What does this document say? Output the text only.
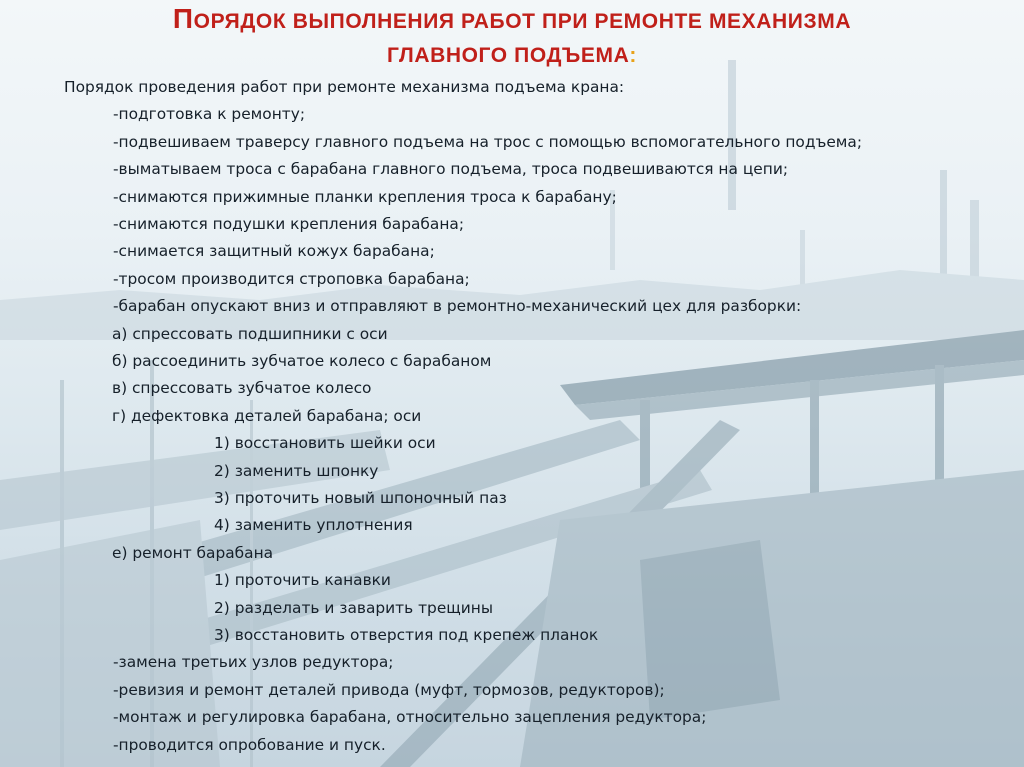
ПОРЯДОК ВЫПОЛНЕНИЯ РАБОТ ПРИ РЕМОНТЕ МЕХАНИЗМА
ГЛАВНОГО ПОДЪЕМА:
Порядок проведения работ при ремонте механизма подъема крана:
-подготовка к ремонту;
-подвешиваем траверсу главного подъема на трос с помощью вспомогательного подъема;
-выматываем троса с барабана главного подъема, троса подвешиваются на цепи;
-снимаются прижимные планки крепления троса к барабану;
-снимаются подушки крепления барабана;
-снимается защитный кожух барабана;
-тросом производится строповка барабана;
-барабан опускают вниз и отправляют в ремонтно-механический цех для разборки:
а) спрессовать подшипники с оси
б) рассоединить зубчатое колесо с барабаном
в) спрессовать зубчатое колесо
г) дефектовка деталей барабана; оси
1) восстановить шейки оси
2) заменить шпонку
3) проточить новый шпоночный паз
4) заменить уплотнения
е) ремонт барабана
1) проточить канавки
2) разделать и заварить трещины
3) восстановить отверстия под крепеж планок
-замена третьих узлов редуктора;
-ревизия и ремонт деталей привода (муфт, тормозов, редукторов);
-монтаж и регулировка барабана, относительно зацепления редуктора;
-проводится опробование и пуск.
